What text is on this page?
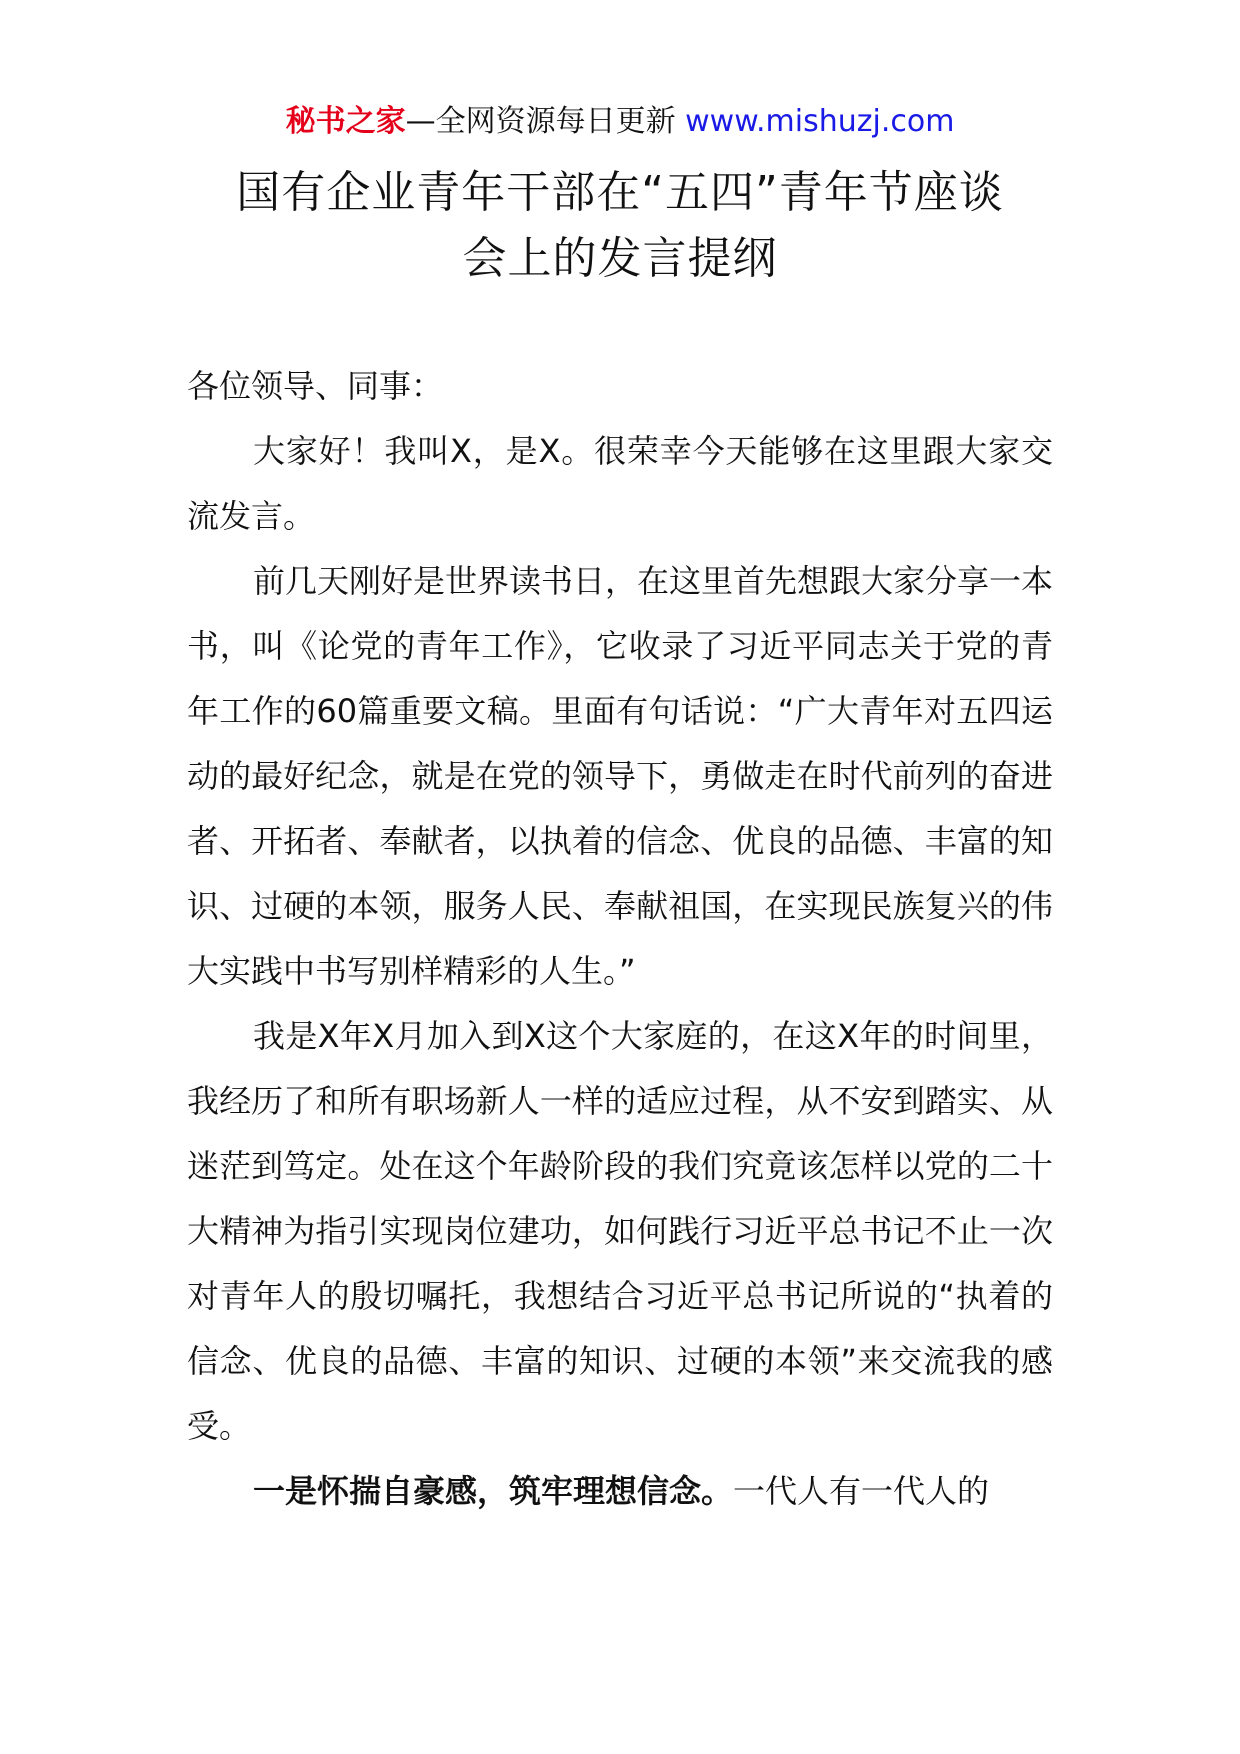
秘书之家—全网资源每日更新 www.mishuzj.com
国有企业青年干部在“五四”青年节座谈
会上的发言提纲

各位领导、同事：

大家好！我叫X，是X。很荣幸今天能够在这里跟大家交流发言。

前几天刚好是世界读书日，在这里首先想跟大家分享一本书，叫《论党的青年工作》，它收录了习近平同志关于党的青年工作的60篇重要文稿。里面有句话说：“广大青年对五四运动的最好纪念，就是在党的领导下，勇做走在时代前列的奋进者、开拓者、奉献者，以执着的信念、优良的品德、丰富的知识、过硬的本领，服务人民、奉献祖国，在实现民族复兴的伟大实践中书写别样精彩的人生。”

我是X年X月加入到X这个大家庭的，在这X年的时间里，我经历了和所有职场新人一样的适应过程，从不安到踏实、从迷茫到笃定。处在这个年龄阶段的我们究竟该怎样以党的二十大精神为指引实现岗位建功，如何践行习近平总书记不止一次对青年人的殷切嘱托，我想结合习近平总书记所说的“执着的信念、优良的品德、丰富的知识、过硬的本领”来交流我的感受。

一是怀揣自豪感，筑牢理想信念。一代人有一代人的
